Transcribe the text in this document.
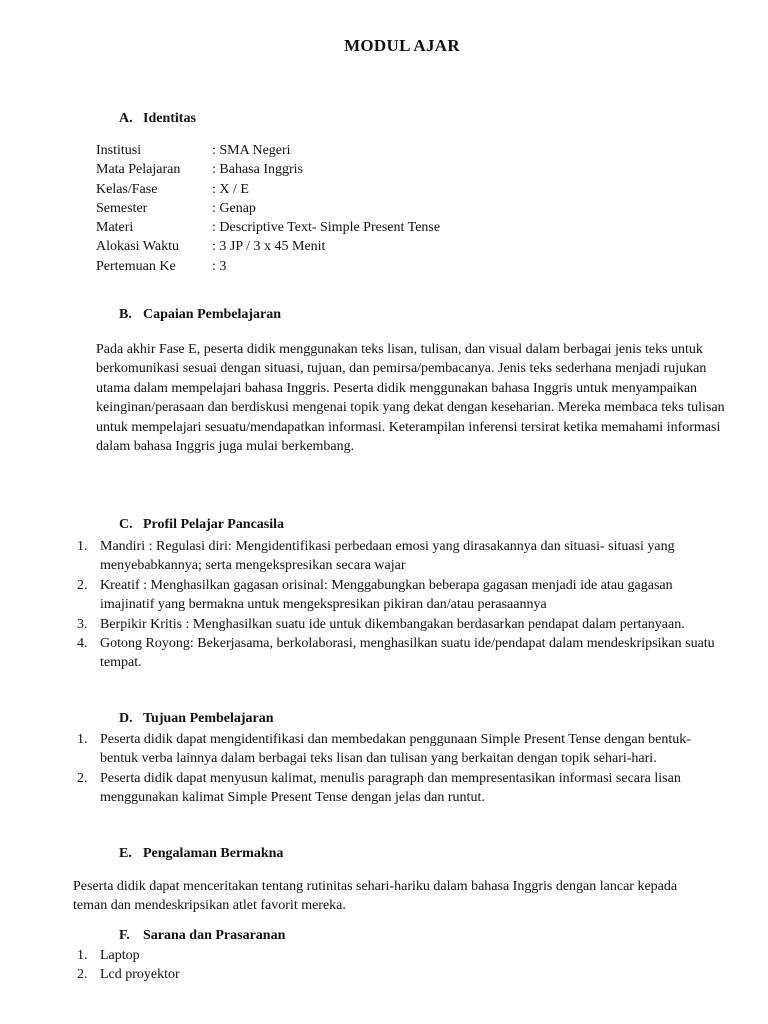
MODUL AJAR
A. Identitas
Institusi	: SMA Negeri
Mata Pelajaran : Bahasa Inggris
Kelas/Fase	: X / E
Semester	: Genap
Materi	: Descriptive Text- Simple Present Tense
Alokasi Waktu : 3 JP / 3 x 45 Menit
Pertemuan Ke	: 3
B. Capaian Pembelajaran
Pada akhir Fase E, peserta didik menggunakan teks lisan, tulisan, dan visual dalam berbagai jenis teks untuk berkomunikasi sesuai dengan situasi, tujuan, dan pemirsa/pembacanya. Jenis teks sederhana menjadi rujukan utama dalam mempelajari bahasa Inggris. Peserta didik menggunakan bahasa Inggris untuk menyampaikan keinginan/perasaan dan berdiskusi mengenai topik yang dekat dengan keseharian. Mereka membaca teks tulisan untuk mempelajari sesuatu/mendapatkan informasi. Keterampilan inferensi tersirat ketika memahami informasi dalam bahasa Inggris juga mulai berkembang.
C. Profil Pelajar Pancasila
1. Mandiri : Regulasi diri: Mengidentifikasi perbedaan emosi yang dirasakannya dan situasi- situasi yang menyebabkannya; serta mengekspresikan secara wajar
2. Kreatif : Menghasilkan gagasan orisinal: Menggabungkan beberapa gagasan menjadi ide atau gagasan imajinatif yang bermakna untuk mengekspresikan pikiran dan/atau perasaannya
3. Berpikir Kritis : Menghasilkan suatu ide untuk dikembangakan berdasarkan pendapat dalam pertanyaan.
4. Gotong Royong: Bekerjasama, berkolaborasi, menghasilkan suatu ide/pendapat dalam mendeskripsikan suatu tempat.
D. Tujuan Pembelajaran
1. Peserta didik dapat mengidentifikasi dan membedakan penggunaan Simple Present Tense dengan bentuk-bentuk verba lainnya dalam berbagai teks lisan dan tulisan yang berkaitan dengan topik sehari-hari.
2. Peserta didik dapat menyusun kalimat, menulis paragraph dan mempresentasikan informasi secara lisan menggunakan kalimat Simple Present Tense dengan jelas dan runtut.
E. Pengalaman Bermakna
Peserta didik dapat menceritakan tentang rutinitas sehari-hariku dalam bahasa Inggris dengan lancar kepada teman dan mendeskripsikan atlet favorit mereka.
F. Sarana dan Prasaranan
1. Laptop
2. Lcd proyektor
